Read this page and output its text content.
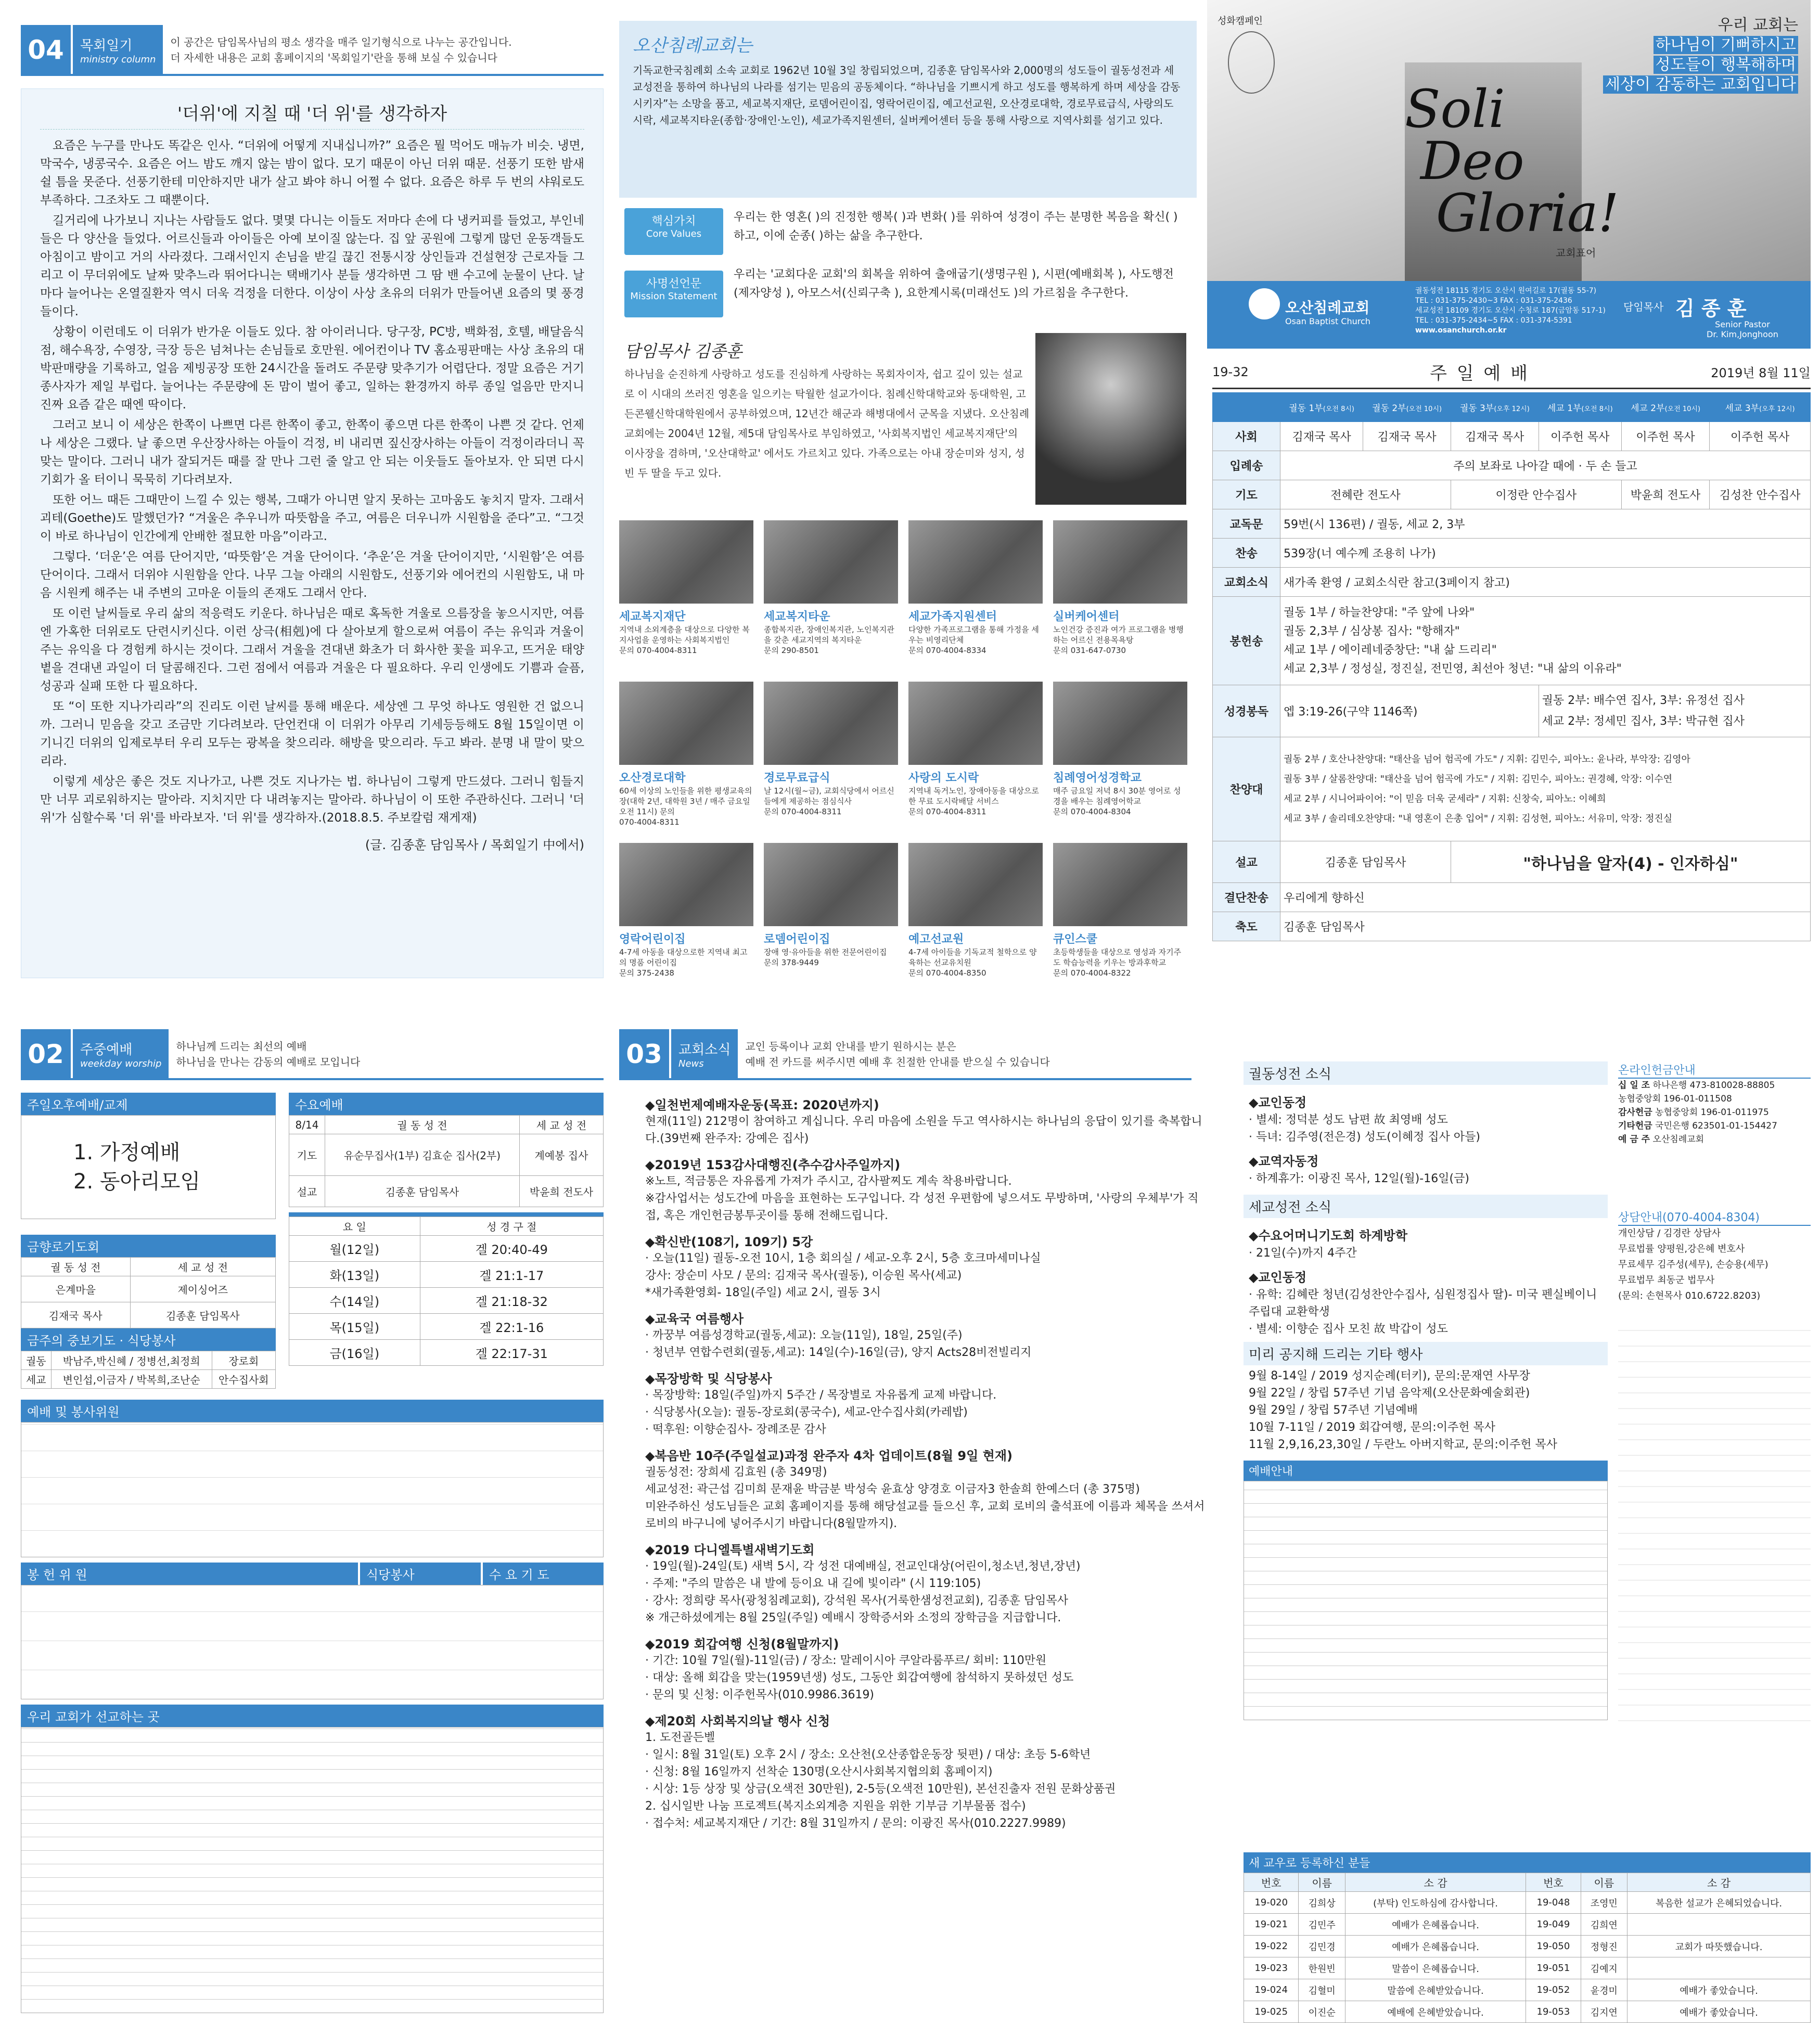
04	목회일기
ministry column
이 공간은 담임목사님의 평소 생각을 매주 일기형식으로 나누는 공간입니다.
더 자세한 내용은 교회 홈페이지의 '목회일기'란을 통해 보실 수 있습니다
'더위'에 지칠 때 '더 위'를 생각하자

요즘은 누구를 만나도 똑같은 인사. “더위에 어떻게 지내십니까?” 요즘은 뭘 먹어도 매뉴가 비슷. 냉면, 막국수, 냉콩국수. 요즘은 어느 밤도 깨지 않는 밤이 없다. 모기 때문이 아닌 더위 때문. 선풍기 또한 밤새 쉴 틈을 못준다. 선풍기한테 미안하지만 내가 살고 봐야 하니 어쩔 수 없다. 요즘은 하루 두 번의 샤워로도 부족하다. 그조차도 그 때뿐이다.

길거리에 나가보니 지나는 사람들도 없다. 몇몇 다니는 이들도 저마다 손에 다 냉커피를 들었고, 부인네들은 다 양산을 들었다. 어르신들과 아이들은 아예 보이질 않는다. 집 앞 공원에 그렇게 많던 운동객들도 아침이고 밤이고 거의 사라졌다. 그래서인지 손님을 받길 끊긴 전통시장 상인들과 건설현장 근로자들 그리고 이 무더위에도 날짜 맞추느라 뛰어다니는 택배기사 분들 생각하면 그 땀 밴 수고에 눈물이 난다. 날마다 늘어나는 온열질환자 역시 더욱 걱정을 더한다. 이상이 사상 초유의 더위가 만들어낸 요즘의 몇 풍경들이다.

상황이 이런데도 이 더위가 반가운 이들도 있다. 참 아이러니다. 당구장, PC방, 백화점, 호텔, 배달음식점, 해수욕장, 수영장, 극장 등은 넘쳐나는 손님들로 호만원. 에어컨이나 TV 홈쇼핑판매는 사상 초유의 대박판매량을 기록하고, 얼음 제빙공장 또한 24시간을 돌려도 주문량 맞추기가 어렵단다. 정말 요즘은 거기 종사자가 제일 부럽다. 늘어나는 주문량에 돈 맘이 벌어 좋고, 일하는 환경까지 하루 종일 얼음만 만지니 진짜 요즘 같은 때엔 딱이다.

그러고 보니 이 세상은 한쪽이 나쁘면 다른 한쪽이 좋고, 한쪽이 좋으면 다른 한쪽이 나쁜 것 같다. 언제나 세상은 그랬다. 날 좋으면 우산장사하는 아들이 걱정, 비 내리면 짚신장사하는 아들이 걱정이라더니 꼭 맞는 말이다. 그러니 내가 잘되거든 때를 잘 만나 그런 줄 알고 안 되는 이웃들도 돌아보자. 안 되면 다시 기회가 올 터이니 묵묵히 기다려보자.

또한 어느 때든 그때만이 느낄 수 있는 행복, 그때가 아니면 알지 못하는 고마움도 놓치지 말자. 그래서 괴테(Goethe)도 말했던가? “겨울은 추우니까 따뜻함을 주고, 여름은 더우니까 시원함을 준다”고. “그것이 바로 하나님이 인간에게 안배한 절묘한 마음”이라고.

그렇다. ‘더운’은 여름 단어지만, ‘따뜻함’은 겨울 단어이다. ‘추운’은 겨울 단어이지만, ‘시원함’은 여름 단어이다. 그래서 더위야 시원함을 안다. 나무 그늘 아래의 시원함도, 선풍기와 에어컨의 시원함도, 내 마음 시원케 해주는 내 주변의 고마운 이들의 존재도 그래서 안다.

또 이런 날씨들로 우리 삶의 적응력도 키운다. 하나님은 때로 혹독한 겨울로 으름장을 놓으시지만, 여름엔 가혹한 더위로도 단련시키신다. 이런 상극(相剋)에 다 살아보게 할으로써 여름이 주는 유익과 겨울이 주는 유익을 다 경험케 하시는 것이다. 그래서 겨울을 견대낸 화초가 더 화사한 꽃을 피우고, 뜨거운 태양볕을 견대낸 과일이 더 달콤해진다. 그런 점에서 여름과 겨울은 다 필요하다. 우리 인생에도 기쁨과 슬픔, 성공과 실패 또한 다 필요하다.

또 “이 또한 지나가리라”의 진리도 이런 날씨를 통해 배운다. 세상엔 그 무엇 하나도 영원한 건 없으니까. 그러니 믿음을 갖고 조금만 기다려보라. 단언컨대 이 더위가 아무리 기세등등해도 8월 15일이면 이 기니긴 더위의 입제로부터 우리 모두는 광복을 찾으리라. 해방을 맞으리라. 두고 봐라. 분명 내 말이 맞으리라.

이렇게 세상은 좋은 것도 지나가고, 나쁜 것도 지나가는 법. 하나님이 그렇게 만드셨다. 그러니 힘들지만 너무 괴로워하지는 말아라. 지치지만 다 내려놓지는 말아라. 하나님이 이 또한 주관하신다. 그러니 '더위'가 심할수록 '더 위'를 바라보자. '더 위'를 생각하자.(2018.8.5. 주보칼럼 재게재)

(글. 김종훈 담임목사 / 목회일기 中에서)
오산침례교회는
기독교한국침례회 소속 교회로 1962년 10월 3일 창립되었으며, 김종훈 담임목사와 2,000명의 성도들이 궐동성전과 세교성전을 통하여 하나님의 나라를 섬기는 믿음의 공동체이다. “하나님을 기쁘시게 하고 성도를 행복하게 하며 세상을 감동시키자”는 소망을 품고, 세교복지재단, 로뎀어린이집, 영락어린이집, 예고선교원, 오산경로대학, 경로무료급식, 사랑의도시락, 세교복지타운(종합·장애인·노인), 세교가족지원센터, 실버케어센터 등을 통해 사랑으로 지역사회를 섬기고 있다.
핵심가치
Core Values
우리는 한 영혼( )의 진정한 행복( )과 변화( )를 위하여 성경이 주는 분명한 복음을 확신( )하고, 이에 순종( )하는 삶을 추구한다.
사명선언문
Mission Statement
우리는 '교회다운 교회'의 회복을 위하여 출애굽기(생명구원 ), 시편(예배회복 ), 사도행전(제자양성 ), 아모스서(신뢰구축 ), 요한계시록(미래선도 )의 가르침을 추구한다.
담임목사 김종훈
하나님을 순진하게 사랑하고 성도를 진심하게 사랑하는 목회자이자, 쉽고 깊이 있는 설교로 이 시대의 쓰러진 영혼을 일으키는 탁월한 설교가이다. 침례신학대학교와 동대학원, 고든콘웰신학대학원에서 공부하였으며, 12년간 해군과 해병대에서 군목을 지냈다. 오산침례교회에는 2004년 12월, 제5대 담임목사로 부임하였고, '사회복지법인 세교복지재단'의 이사장을 겸하며, '오산대학교' 에서도 가르치고 있다. 가족으로는 아내 장순미와 성지, 성빈 두 딸을 두고 있다.
세교복지재단
지역내 소외계층을 대상으로 다양한 복지사업을 운영하는 사회복지법인
문의 070-4004-8311
세교복지타운
종합복지관, 장애인복지관, 노인복지관 을 갖춘 세교지역의 복지타운
문의 290-8501
세교가족지원센터
다양한 가족프로그램을 통해 가정을 세우는 비영리단체
문의 070-4004-8334
실버케어센터
노인건강 증진과 여가 프로그램을 병행하는 어르신 전용목욕탕
문의 031-647-0730
오산경로대학
60세 이상의 노인들을 위한 평생교육의 장(대학 2년, 대학원 3년 / 매주 금요일 오전 11시) 문의
070-4004-8311
경로무료급식
날 12시(월~금), 교회식당에서 어르신들에게 제공하는 점심식사
문의 070-4004-8311
사랑의 도시락
지역내 독거노인, 장애아동을 대상으로 한 무료 도시락배달 서비스
문의 070-4004-8311
침례영어성경학교
매주 금요일 저녁 8시 30분 영어로 성경을 배우는 침례영어학교
문의 070-4004-8304
영락어린이집
4-7세 아동을 대상으로한 지역내 최고의 명품 어린이집
문의 375-2438
로뎀어린이집
장애 영·유아들을 위한 전문어린이집
문의 378-9449
예고선교원
4-7세 아이들을 기독교적 철학으로 양육하는 선교유치원
문의 070-4004-8350
큐인스쿨
초등학생들을 대상으로 영성과 자기주도 학습능력을 키우는 방과후학교
문의 070-4004-8322
성화캠페인	우리 교회는
하나님이 기뻐하시고
성도들이 행복해하며
세상이 감동하는 교회입니다
Soli
Deo
Gloria!
교회표어
오산침례교회
Osan Baptist Church
궐동성전 18115 경기도 오산시 원여길로 17(궐동 55-7)
TEL : 031-375-2430~3 FAX : 031-375-2436
세교성전 18109 경기도 오산시 수청로 187(금암동 517-1)
TEL : 031-375-2434~5 FAX : 031-374-5391
www.osanchurch.or.kr
담임목사 김 종 훈
Senior Pastor
Dr. Kim,Jonghoon
19-32	주 일 예 배	2019년 8월 11일
	궐동 1부(오전 8시)	궐동 2부(오전 10시)	궐동 3부(오후 12시)	세교 1부(오전 8시)	세교 2부(오전 10시)	세교 3부(오후 12시)
사회	김재국 목사	김재국 목사	김재국 목사	이주헌 목사	이주헌 목사	이주헌 목사
입례송	주의 보좌로 나아갈 때에 · 두 손 들고					
기도	전혜란 전도사		이정란 안수집사		박윤희 전도사	김성찬 안수집사
교독문	59번(시 136편) / 궐동, 세교 2, 3부					
찬송	539장(너 예수께 조용히 나가)					
교회소식	새가족 환영 / 교회소식란 참고(3페이지 참고)					
봉헌송	궐동 1부 / 하늘찬양대: "주 앞에 나와"
궐동 2,3부 / 심상봉 집사: "항해자"
세교 1부 / 에이레네중창단: "내 삶 드리리"
세교 2,3부 / 정성실, 정진실, 전민영, 최선아 청년: "내 삶의 이유라"					

성경봉독	엡 3:19-26(구약 1146쪽)			궐동 2부: 배수연 집사, 3부: 유정선 집사
세교 2부: 정세민 집사, 3부: 박규현 집사		

찬양대	궐동 2부 / 호산나찬양대: "태산을 넘어 험곡에 가도" / 지휘: 김민수, 피아노: 윤나라, 부악장: 김영아
궐동 3부 / 살롬찬양대: "태산을 넘어 험곡에 가도" / 지휘: 김민수, 피아노: 권경혜, 악장: 이수연
세교 2부 / 시니어파이어: "이 믿음 더욱 굳세라" / 지휘: 신창숙, 피아노: 이혜희
세교 3부 / 솔리데오찬양대: "내 영혼이 은총 입어" / 지휘: 김성현, 피아노: 서유미, 악장: 정진실					

설교	김종훈 담임목사		"하나님을 알자(4) - 인자하심"			
결단찬송	우리에게 향하신					
축도	김종훈 담임목사					
02	주중예배
weekday worship
하나님께 드리는 최선의 예배
하나님을 만나는 감동의 예배로 모입니다
주일오후예배/교제
1. 가정예배
2. 동아리모임
금향로기도회
궐 동 성 전	세 교 성 전
은계마을	제이싱어즈
김재국 목사	김종훈 담임목사
금주의 중보기도 · 식당봉사
궐동	박남주,박신혜 / 정병선,최정희	장로회
세교	변인섭,이금자 / 박복희,조난순	안수집사회
수요예배
8/14	궐 동 성 전	세 교 성 전
기도	유순무집사(1부) 김효순 집사(2부)	계예봉 집사
설교	김종훈 담임목사	박윤희 전도사
요 일	성 경 구 절
월(12일)	겔 20:40-49
화(13일)	겔 21:1-17
수(14일)	겔 21:18-32
목(15일)	겔 22:1-16
금(16일)	겔 22:17-31
예배 및 봉사위원
봉 헌 위 원	식당봉사	수 요 기 도
우리 교회가 선교하는 곳
03	교회소식
News
교인 등록이나 교회 안내를 받기 원하시는 분은
예배 전 카드를 써주시면 예배 후 친절한 안내를 받으실 수 있습니다
◆일천번제예배자운동(목표: 2020년까지)
현재(11일) 212명이 참여하고 계십니다. 우리 마음에 소원을 두고 역사하시는 하나님의 응답이 있기를 축복합니다.(39번째 완주자: 강예은 집사)
◆2019년 153감사대행진(추수감사주일까지)
※노트, 적금통은 자유롭게 가져가 주시고, 감사팔찌도 계속 착용바랍니다.
※감사업서는 성도간에 마음을 표현하는 도구입니다. 각 성전 우편함에 넣으셔도 무방하며, '사랑의 우체부'가 직접, 혹은 개인헌금봉투곳이를 통해 전해드립니다.
◆확신반(108기, 109기) 5강
· 오늘(11일) 궐동-오전 10시, 1층 회의실 / 세교-오후 2시, 5층 호크마세미나실
강사: 장순미 사모 / 문의: 김재국 목사(궐동), 이승원 목사(세교)
*새가족환영회- 18일(주일) 세교 2시, 궐동 3시
◆교육국 여름행사
· 까꿍부 여름성경학교(궐동,세교): 오늘(11일), 18일, 25일(주)
· 청년부 연합수련회(궐동,세교): 14일(수)-16일(금), 양지 Acts28비전빌리지
◆목장방학 및 식당봉사
· 목장방학: 18일(주일)까지 5주간 / 목장별로 자유롭게 교제 바랍니다.
· 식당봉사(오늘): 궐동-장로회(콩국수), 세교-안수집사회(카레밥)
· 떡후원: 이향순집사- 장례조문 감사
◆복음반 10주(주일설교)과정 완주자 4차 업데이트(8월 9일 현재)
궐동성전: 장희세 김효원 (총 349명)
세교성전: 곽근섭 김미희 문재윤 박금분 박성숙 윤효상 양경호 이금자3 한솔희 한예스더 (총 375명)
미완주하신 성도님들은 교회 홈페이지를 통해 해당설교를 들으신 후, 교회 로비의 출석표에 이름과 체목을 쓰셔서 로비의 바구니에 넣어주시기 바랍니다(8월말까지).
◆2019 다니엘특별새벽기도회
· 19일(월)-24일(토) 새벽 5시, 각 성전 대예배실, 전교인대상(어린이,청소년,청년,장년)
· 주제: "주의 말씀은 내 발에 등이요 내 길에 빛이라" (시 119:105)
· 강사: 정희량 목사(광청침례교회), 강석원 목사(거룩한샘성전교회), 김종훈 담임목사
※ 개근하셨에게는 8월 25일(주일) 예배시 장학증서와 소정의 장학금을 지급합니다.
◆2019 회갑여행 신청(8월말까지)
· 기간: 10월 7일(월)-11일(금) / 장소: 말레이시아 쿠알라룸푸르/ 회비: 110만원
· 대상: 올해 회갑을 맞는(1959년생) 성도, 그동안 회갑여행에 참석하지 못하셨던 성도
· 문의 및 신청: 이주헌목사(010.9986.3619)
◆제20회 사회복지의날 행사 신청
1. 도전골든벨
· 일시: 8월 31일(토) 오후 2시 / 장소: 오산천(오산종합운동장 뒷편) / 대상: 초등 5-6학년
· 신청: 8월 16일까지 선착순 130명(오산시사회복지협의회 홈페이지)
· 시상: 1등 상장 및 상금(오색전 30만원), 2-5등(오색전 10만원), 본선진출자 전원 문화상품권
2. 십시일반 나눔 프로젝트(복지소외계층 지원을 위한 기부금 기부물품 접수)
· 접수처: 세교복지재단 / 기간: 8월 31일까지 / 문의: 이광진 목사(010.2227.9989)
궐동성전 소식
◆교인동정
· 별세: 정덕분 성도 남편 故 최영배 성도
· 득녀: 김주영(전은경) 성도(이혜정 집사 아들)
◆교역자동정
· 하계휴가: 이광진 목사, 12일(월)-16일(금)
세교성전 소식
◆수요어머니기도회 하계방학
· 21일(수)까지 4주간
◆교인동정
· 유학: 김혜란 청년(김성찬안수집사, 심원정집사 딸)- 미국 펜실베이니주립대 교환학생
· 별세: 이향순 집사 모친 故 박갑이 성도
미리 공지해 드리는 기타 행사
9월 8-14일 / 2019 성지순례(터키), 문의:문재연 사무장
9월 22일 / 창립 57주년 기념 음악제(오산문화예술회관)
9월 29일 / 창립 57주년 기념예배
10월 7-11일 / 2019 회갑여행, 문의:이주헌 목사
11월 2,9,16,23,30일 / 두란노 아버지학교, 문의:이주헌 목사
예배안내
온라인헌금안내
십 일 조 하나은행 473-810028-88805
농협중앙회 196-01-011508
감사헌금 농협중앙회 196-01-011975
기타헌금 국민은행 623501-01-154427
예 금 주 오산침례교회
상담안내(070-4004-8304)
개인상담 / 김경란 상담사
무료법률 양평원,강은혜 변호사
무료세무 김주성(세무), 손승용(세무)
무료법무 최동군 법무사
(문의: 손현목사 010.6722.8203)
새 교우로 등록하신 분들
번호	이름	소 감	번호	이름	소 감
19-020	김희상	(부탁) 인도하심에 감사합니다.	19-048	조영민	복음한 설교가 은혜되었습니다.
19-021	김민주	예배가 은혜롭습니다.	19-049	김희연	
19-022	김민경	예배가 은혜롭습니다.	19-050	정형진	교회가 따뜻했습니다.
19-023	한원빈	말씀이 은혜롭습니다.	19-051	김예지	
19-024	김혈미	말씀에 은혜받았습니다.	19-052	윤경미	예배가 좋았습니다.
19-025	이진순	예배에 은혜받았습니다.	19-053	김지연	예배가 좋았습니다.
